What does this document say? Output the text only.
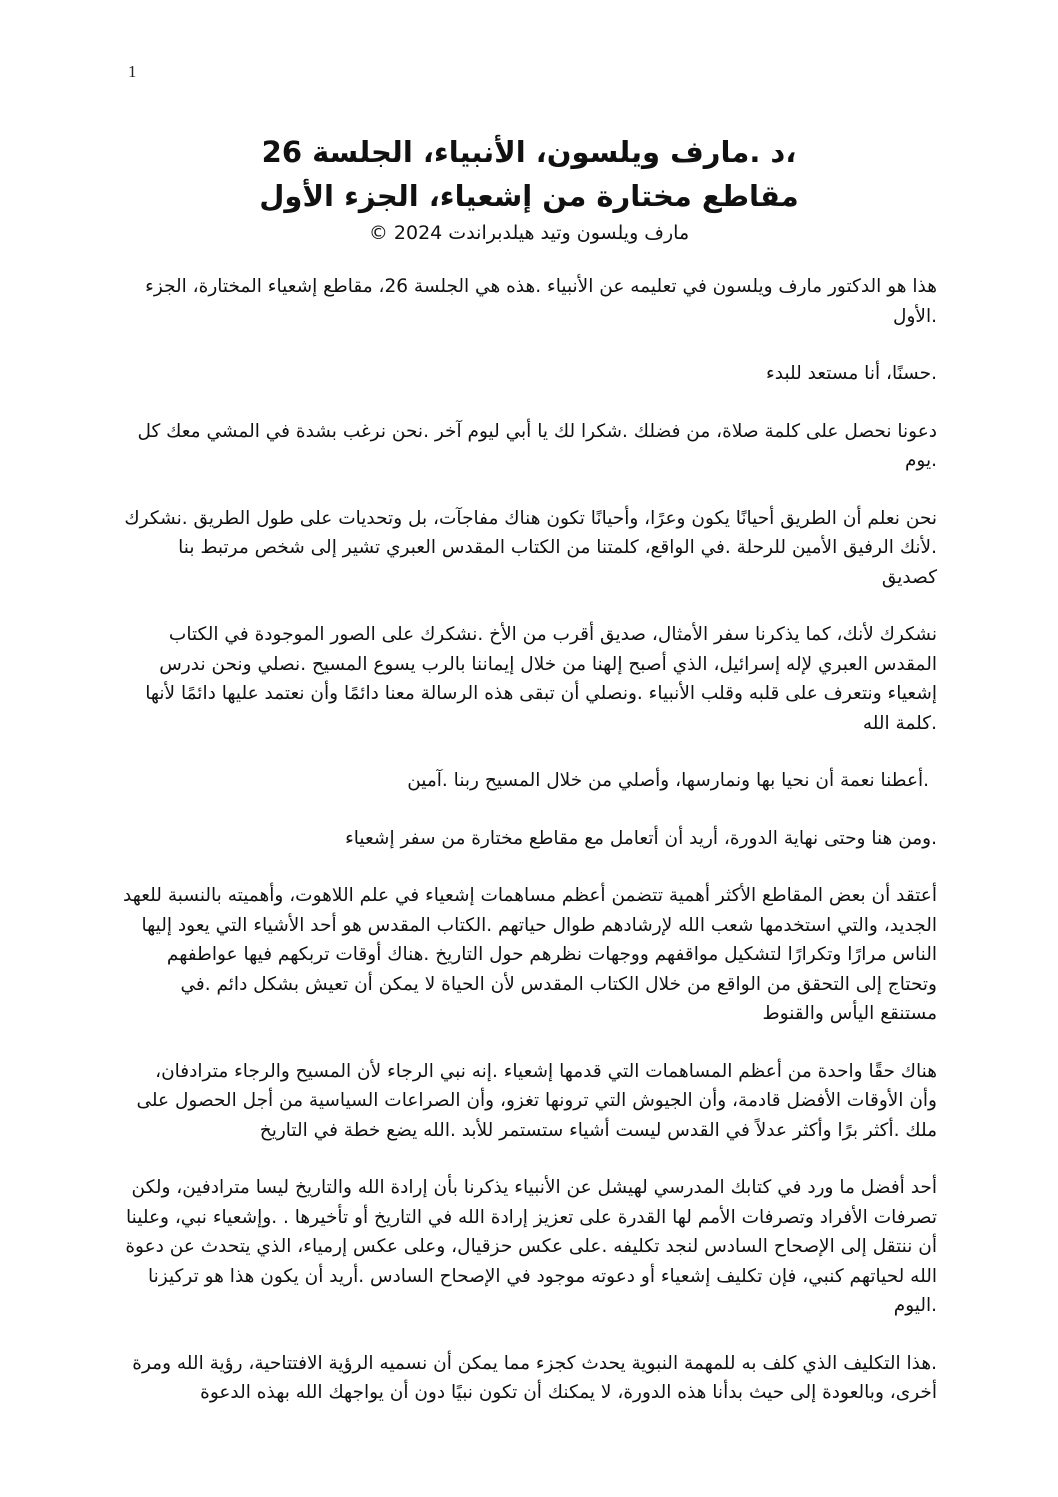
1

،د .مارف ويلسون، الأنبياء، الجلسة 26

مقاطع مختارة من إشعياء، الجزء الأول

مارف ويلسون وتيد هيلدبراندت 2024 ©

هذا هو الدكتور مارف ويلسون في تعليمه عن الأنبياء .هذه هي الجلسة 26، مقاطع إشعياء المختارة، الجزء .الأول

.حسنًا، أنا مستعد للبدء

دعونا نحصل على كلمة صلاة، من فضلك .شكرا لك يا أبي ليوم آخر .نحن نرغب بشدة في المشي معك كل .يوم

نحن نعلم أن الطريق أحيانًا يكون وعرًا، وأحيانًا تكون هناك مفاجآت، بل وتحديات على طول الطريق .نشكرك .لأنك الرفيق الأمين للرحلة .في الواقع، كلمتنا من الكتاب المقدس العبري تشير إلى شخص مرتبط بنا كصديق

نشكرك لأنك، كما يذكرنا سفر الأمثال، صديق أقرب من الأخ .نشكرك على الصور الموجودة في الكتاب المقدس العبري لإله إسرائيل، الذي أصبح إلهنا من خلال إيماننا بالرب يسوع المسيح .نصلي ونحن ندرس إشعياء ونتعرف على قلبه وقلب الأنبياء .ونصلي أن تبقى هذه الرسالة معنا دائمًا وأن نعتمد عليها دائمًا لأنها .كلمة الله

.أعطنا نعمة أن نحيا بها ونمارسها، وأصلي من خلال المسيح ربنا .آمين

.ومن هنا وحتى نهاية الدورة، أريد أن أتعامل مع مقاطع مختارة من سفر إشعياء

أعتقد أن بعض المقاطع الأكثر أهمية تتضمن أعظم مساهمات إشعياء في علم اللاهوت، وأهميته بالنسبة للعهد الجديد، والتي استخدمها شعب الله لإرشادهم طوال حياتهم .الكتاب المقدس هو أحد الأشياء التي يعود إليها الناس مرارًا وتكرارًا لتشكيل مواقفهم ووجهات نظرهم حول التاريخ .هناك أوقات تربكهم فيها عواطفهم وتحتاج إلى التحقق من الواقع من خلال الكتاب المقدس لأن الحياة لا يمكن أن تعيش بشكل دائم .في مستنقع اليأس والقنوط

هناك حقًا واحدة من أعظم المساهمات التي قدمها إشعياء .إنه نبي الرجاء لأن المسيح والرجاء مترادفان، وأن الأوقات الأفضل قادمة، وأن الجيوش التي ترونها تغزو، وأن الصراعات السياسية من أجل الحصول على ملك .أكثر برًا وأكثر عدلاً في القدس ليست أشياء ستستمر للأبد .الله يضع خطة في التاريخ

أحد أفضل ما ورد في كتابك المدرسي لهيشل عن الأنبياء يذكرنا بأن إرادة الله والتاريخ ليسا مترادفين، ولكن تصرفات الأفراد وتصرفات الأمم لها القدرة على تعزيز إرادة الله في التاريخ أو تأخيرها . .وإشعياء نبي، وعلينا أن ننتقل إلى الإصحاح السادس لنجد تكليفه .على عكس حزقيال، وعلى عكس إرمياء، الذي يتحدث عن دعوة الله لحياتهم كنبي، فإن تكليف إشعياء أو دعوته موجود في الإصحاح السادس .أريد أن يكون هذا هو تركيزنا .اليوم

.هذا التكليف الذي كلف به للمهمة النبوية يحدث كجزء مما يمكن أن نسميه الرؤية الافتتاحية، رؤية الله ومرة أخرى، وبالعودة إلى حيث بدأنا هذه الدورة، لا يمكنك أن تكون نبيًا دون أن يواجهك الله بهذه الدعوة
